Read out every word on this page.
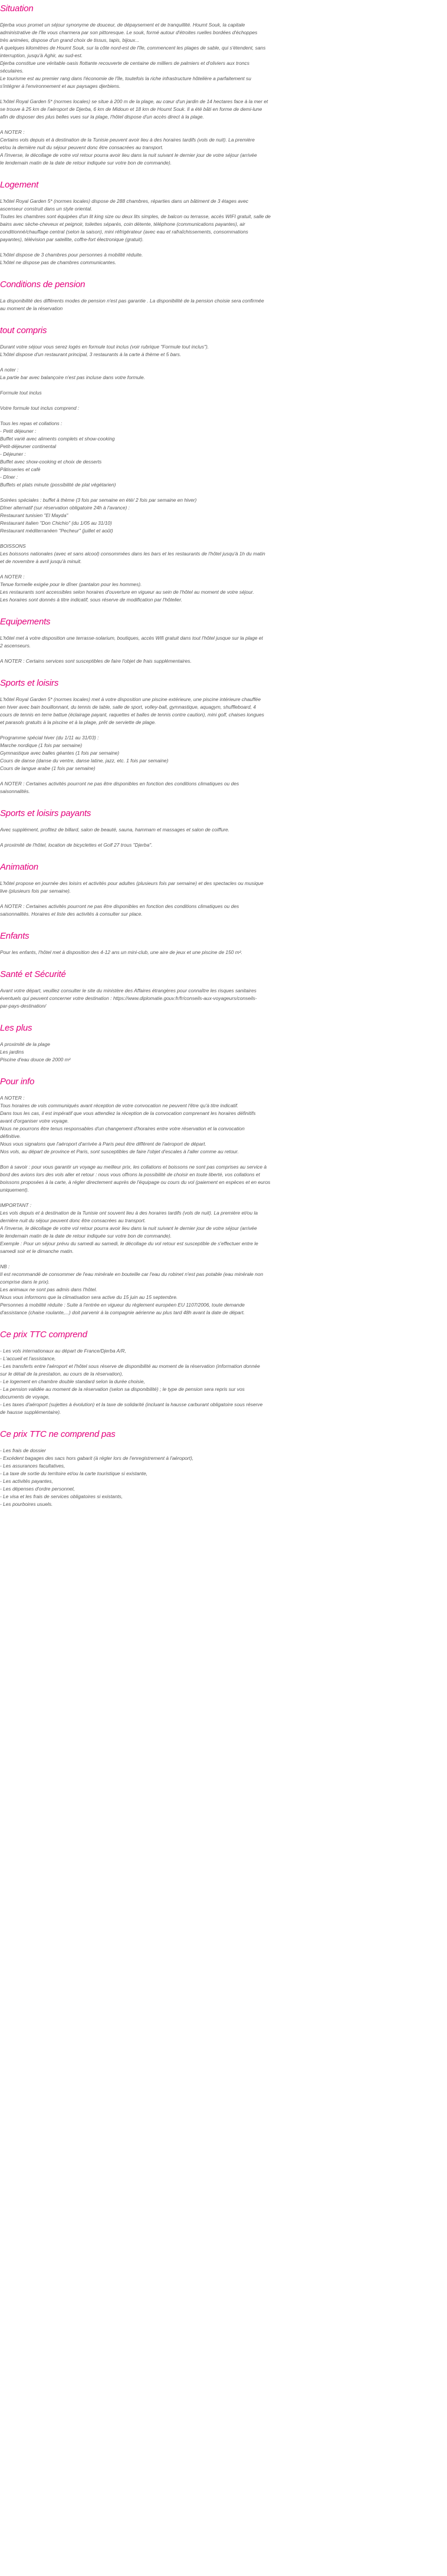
Situation
Djerba vous promet un séjour synonyme de douceur, de dépaysement et de tranquillité. Houmt Souk, la capitale
administrative de l'île vous charmera par son pittoresque. Le souk, formé autour d'étroites ruelles bordées d'échoppes
très animées, dispose d'un grand choix de tissus, tapis, bijoux...
A quelques kilomètres de Houmt Souk, sur la côte nord-est de l'île, commencent les plages de sable, qui s'étendent, sans
interruption, jusqu'à Aghir, au sud-est.
Djerba constitue une véritable oasis flottante recouverte de centaine de milliers de palmiers et d'oliviers aux troncs
séculaires.
Le tourisme est au premier rang dans l'économie de l'île, toutefois la riche infrastructure hôtelière a parfaitement su
s'intégrer à l'environnement et aux paysages djerbiens.
L'hôtel Royal Garden 5* (normes locales) se situe à 200 m de la plage, au cœur d'un jardin de 14 hectares face à la mer et
se trouve à 25 km de l'aéroport de Djerba, 6 km de Midoun et 18 km de Houmt Souk. Il a été bâti en forme de demi-lune
afin de disposer des plus belles vues sur la plage, l'hôtel dispose d'un accès direct à la plage.
A NOTER :
Certains vols depuis et à destination de la Tunisie peuvent avoir lieu à des horaires tardifs (vols de nuit). La première
et/ou la dernière nuit du séjour peuvent donc être consacrées au transport.
A l'inverse, le décollage de votre vol retour pourra avoir lieu dans la nuit suivant le dernier jour de votre séjour (arrivée
le lendemain matin de la date de retour indiquée sur votre bon de commande).
Logement
L'hôtel Royal Garden 5* (normes locales) dispose de 288 chambres, réparties dans un bâtiment de 3 étages avec
ascenseur construit dans un style oriental.
Toutes les chambres sont équipées d'un lit king size ou deux lits simples, de balcon ou terrasse, accès WIFI gratuit, salle de
bains avec sèche-cheveux et peignoir, toilettes séparés, coin détente, téléphone (communications payantes), air
conditionné/chauffage central (selon la saison), mini réfrigérateur (avec eau et rafraîchissements, consommations
payantes), télévision par satellite, coffre-fort électronique (gratuit).
L'hôtel dispose de 3 chambres pour personnes à mobilité réduite.
L'hôtel ne dispose pas de chambres communicantes.
Conditions de pension
La disponibilité des différents modes de pension n'est pas garantie . La disponibilité de la pension choisie sera confirmée
au moment de la réservation
tout compris
Durant votre séjour vous serez logés en formule tout inclus (voir rubrique "Formule tout inclus").
L'hôtel dispose d'un restaurant principal, 3 restaurants à la carte à thème et 5 bars.
A noter :
La partie bar avec balançoire n'est pas incluse dans votre formule.
Formule tout inclus
Votre formule tout inclus comprend :
Tous les repas et collations :
- Petit déjeuner :
Buffet varié avec aliments complets et show-cooking
Petit-déjeuner continental
- Déjeuner :
Buffet avec show-cooking et choix de desserts
Pâtisseries et café
- Dîner :
Buffets et plats minute (possibilité de plat végétarien)
Soirées spéciales : buffet à thème (3 fois par semaine en été/ 2 fois par semaine en hiver)
Dîner alternatif (sur réservation obligatoire 24h à l'avance) :
Restaurant tunisien "El Mayda"
Restaurant italien "Don Chichio" (du 1/05 au 31/10)
Restaurant méditerranéen "Pecheur" (juillet et août)
BOISSONS
Les boissons nationales (avec et sans alcool) consommées dans les bars et les restaurants de l'hôtel jusqu'à 1h du matin
et de novembre à avril jusqu'à minuit.
A NOTER :
Tenue formelle exigée pour le dîner (pantalon pour les hommes).
Les restaurants sont accessibles selon horaires d'ouverture en vigueur au sein de l'hôtel au moment de votre séjour.
Les horaires sont donnés à titre indicatif, sous réserve de modification par l'hôtelier.
Equipements
L'hôtel met à votre disposition une terrasse-solarium, boutiques, accès Wifi gratuit dans tout l'hôtel jusque sur la plage et
2 ascenseurs.
A NOTER : Certains services sont susceptibles de faire l'objet de frais supplémentaires.
Sports et loisirs
L'hôtel Royal Garden 5* (normes locales) met à votre disposition une piscine extérieure, une piscine intérieure chauffée
en hiver avec bain bouillonnant, du tennis de table, salle de sport, volley-ball, gymnastique, aquagym, shuffleboard, 4
cours de tennis en terre battue (éclairage payant, raquettes et balles de tennis contre caution), mini golf, chaises longues
et parasols gratuits à la piscine et à la plage, prêt de serviette de plage.
Programme spécial hiver (du 1/11 au 31/03) :
Marche nordique (1 fois par semaine)
Gymnastique avec balles géantes (1 fois par semaine)
Cours de danse (danse du ventre, danse latine, jazz, etc. 1 fois par semaine)
Cours de langue arabe (1 fois par semaine)
A NOTER : Certaines activités pourront ne pas être disponibles en fonction des conditions climatiques ou des
saisonnalités.
Sports et loisirs payants
Avec supplément, profitez de billard, salon de beauté, sauna, hammam et massages et salon de coiffure.
A proximité de l'hôtel, location de bicyclettes et Golf 27 trous "Djerba".
Animation
L'hôtel propose en journée des loisirs et activités pour adultes (plusieurs fois par semaine) et des spectacles ou musique
live (plusieurs fois par semaine).
A NOTER : Certaines activités pourront ne pas être disponibles en fonction des conditions climatiques ou des
saisonnalités. Horaires et liste des activités à consulter sur place.
Enfants
Pour les enfants, l'hôtel met à disposition des 4-12 ans un mini-club, une aire de jeux et une piscine de 150 m².
Santé et Sécurité
Avant votre départ, veuillez consulter le site du ministère des Affaires étrangères pour connaître les risques sanitaires
éventuels qui peuvent concerner votre destination : https://www.diplomatie.gouv.fr/fr/conseils-aux-voyageurs/conseils-
par-pays-destination/
Les plus
A proximité de la plage
Les jardins
Piscine d'eau douce de 2000 m²
Pour info
A NOTER :
Tous horaires de vols communiqués avant réception de votre convocation ne peuvent l'être qu'à titre indicatif.
Dans tous les cas, il est impératif que vous attendiez la réception de la convocation comprenant les horaires définitifs
avant d'organiser votre voyage.
Nous ne pourrons être tenus responsables d'un changement d'horaires entre votre réservation et la convocation
définitive.
Nous vous signalons que l'aéroport d'arrivée à Paris peut être différent de l'aéroport de départ.
Nos vols, au départ de province et Paris, sont susceptibles de faire l'objet d'escales à l'aller comme au retour.
Bon à savoir : pour vous garantir un voyage au meilleur prix, les collations et boissons ne sont pas comprises au service à
bord des avions lors des vols aller et retour : nous vous offrons la possibilité de choisir en toute liberté, vos collations et
boissons proposées à la carte, à régler directement auprès de l'équipage ou cours du vol (paiement en espèces et en euros
uniquement).
IMPORTANT :
Les vols depuis et à destination de la Tunisie ont souvent lieu à des horaires tardifs (vols de nuit). La première et/ou la
dernière nuit du séjour peuvent donc être consacrées au transport.
A l'inverse, le décollage de votre vol retour pourra avoir lieu dans la nuit suivant le dernier jour de votre séjour (arrivée
le lendemain matin de la date de retour indiquée sur votre bon de commande).
Exemple : Pour un séjour prévu du samedi au samedi, le décollage du vol retour est susceptible de s'effectuer entre le
samedi soir et le dimanche matin.
NB :
Il est recommandé de consommer de l'eau minérale en bouteille car l'eau du robinet n'est pas potable (eau minérale non
comprise dans le prix).
Les animaux ne sont pas admis dans l'hôtel.
Nous vous informons que la climatisation sera active du 15 juin au 15 septembre.
Personnes à mobilité réduite : Suite à l'entrée en vigueur du règlement européen EU 1107/2006, toute demande
d'assistance (chaise roulante,...) doit parvenir à la compagnie aérienne au plus tard 48h avant la date de départ.
Ce prix TTC comprend
- Les vols internationaux au départ de France/Djerba A/R,
- L'accueil et l'assistance,
- Les transferts entre l'aéroport et l'hôtel sous réserve de disponibilité au moment de la réservation (information donnée
sur le détail de la prestation, au cours de la réservation),
- Le logement en chambre double standard selon la durée choisie,
- La pension validée au moment de la réservation (selon sa disponibilité) ; le type de pension sera repris sur vos
documents de voyage,
- Les taxes d'aéroport (sujettes à évolution) et la taxe de solidarité (incluant la hausse carburant obligatoire sous réserve
de hausse supplémentaire).
Ce prix TTC ne comprend pas
- Les frais de dossier
- Excédent bagages des sacs hors gabarit (à régler lors de l'enregistrement à l'aéroport),
- Les assurances facultatives,
- La taxe de sortie du territoire et/ou la carte touristique si existante,
- Les activités payantes,
- Les dépenses d'ordre personnel,
- Le visa et les frais de services obligatoires si existants,
- Les pourboires usuels.
